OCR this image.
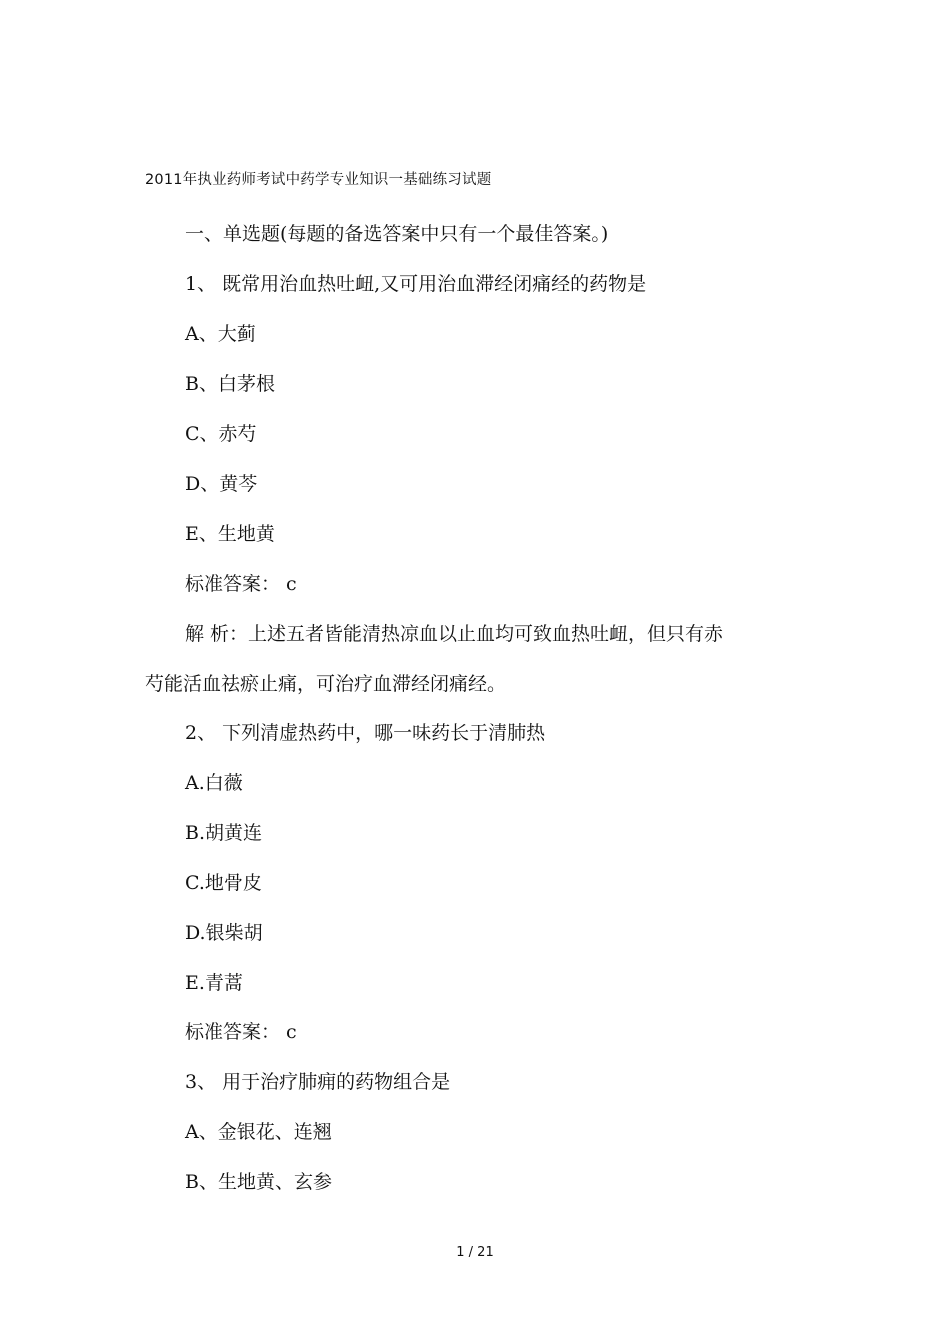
2011年执业药师考试中药学专业知识一基础练习试题
一、单选题(每题的备选答案中只有一个最佳答案。)
1、 既常用治血热吐衄,又可用治血滞经闭痛经的药物是
A、大蓟
B、白茅根
C、赤芍
D、黄芩
E、生地黄
标准答案： c
解 析：上述五者皆能清热凉血以止血均可致血热吐衄，但只有赤
芍能活血祛瘀止痛，可治疗血滞经闭痛经。
2、 下列清虚热药中，哪一味药长于清肺热
A.白薇
B.胡黄连
C.地骨皮
D.银柴胡
E.青蒿
标准答案： c
3、 用于治疗肺痈的药物组合是
A、金银花、连翘
B、生地黄、玄参
1 / 21
